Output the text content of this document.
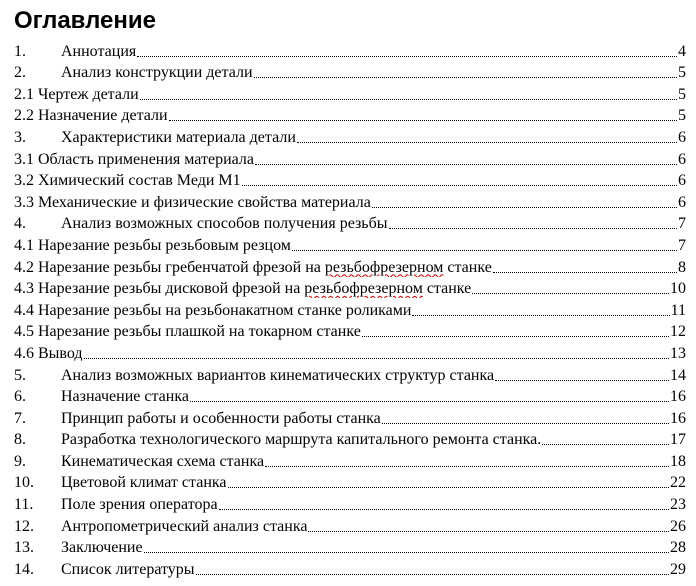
Оглавление
1.	Аннотация	4
2.	Анализ конструкции детали	5
2.1 Чертеж детали	5
2.2 Назначение детали	5
3.	Характеристики материала детали	6
3.1 Область применения материала	6
3.2 Химический состав Меди М1	6
3.3 Механические и физические свойства материала	6
4.	Анализ возможных способов получения резьбы	7
4.1 Нарезание резьбы резьбовым резцом	7
4.2 Нарезание резьбы гребенчатой фрезой на резьбофрезерном станке	8
4.3 Нарезание резьбы дисковой фрезой на резьбофрезерном станке	10
4.4 Нарезание резьбы на резьбонакатном станке роликами	11
4.5 Нарезание резьбы плашкой на токарном станке	12
4.6 Вывод	13
5.	Анализ возможных вариантов кинематических структур станка	14
6.	Назначение станка	16
7.	Принцип работы и особенности работы станка	16
8.	Разработка технологического маршрута капитального ремонта станка.	17
9.	Кинематическая схема станка	18
10.	Цветовой климат станка	22
11.	Поле зрения оператора	23
12.	Антропометрический анализ станка	26
13.	Заключение	28
14.	Список литературы	29
